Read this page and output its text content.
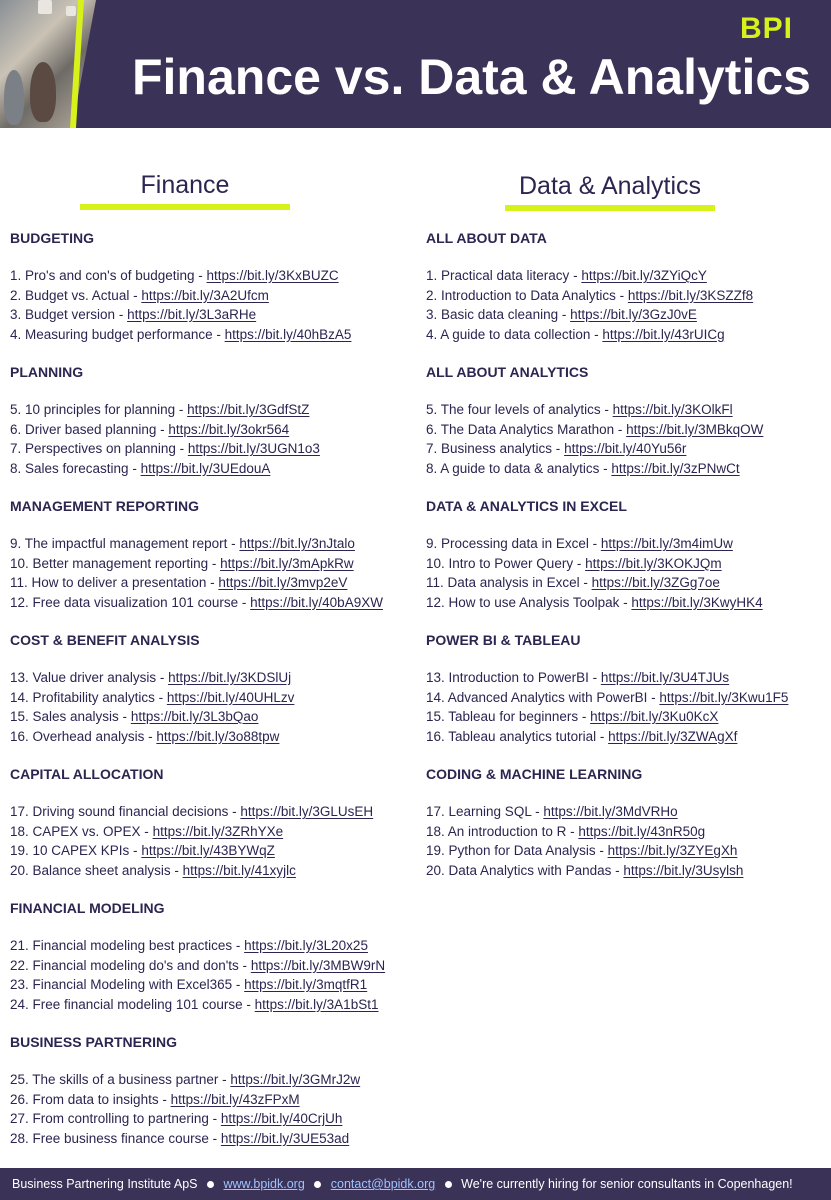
BPI
Finance vs. Data & Analytics
Finance	Data & Analytics
BUDGETING
1. Pro's and con's of budgeting - https://bit.ly/3KxBUZC
2. Budget vs. Actual - https://bit.ly/3A2Ufcm
3. Budget version - https://bit.ly/3L3aRHe
4. Measuring budget performance - https://bit.ly/40hBzA5
PLANNING
5. 10 principles for planning - https://bit.ly/3GdfStZ
6. Driver based planning - https://bit.ly/3okr564
7. Perspectives on planning - https://bit.ly/3UGN1o3
8. Sales forecasting - https://bit.ly/3UEdouA
MANAGEMENT REPORTING
9. The impactful management report - https://bit.ly/3nJtalo
10. Better management reporting - https://bit.ly/3mApkRw
11. How to deliver a presentation - https://bit.ly/3mvp2eV
12. Free data visualization 101 course - https://bit.ly/40bA9XW
COST & BENEFIT ANALYSIS
13. Value driver analysis - https://bit.ly/3KDSlUj
14. Profitability analytics - https://bit.ly/40UHLzv
15. Sales analysis - https://bit.ly/3L3bQao
16. Overhead analysis - https://bit.ly/3o88tpw
CAPITAL ALLOCATION
17. Driving sound financial decisions - https://bit.ly/3GLUsEH
18. CAPEX vs. OPEX - https://bit.ly/3ZRhYXe
19. 10 CAPEX KPIs - https://bit.ly/43BYWqZ
20. Balance sheet analysis - https://bit.ly/41xyjlc
FINANCIAL MODELING
21. Financial modeling best practices - https://bit.ly/3L20x25
22. Financial modeling do's and don'ts - https://bit.ly/3MBW9rN
23. Financial Modeling with Excel365 - https://bit.ly/3mqtfR1
24. Free financial modeling 101 course - https://bit.ly/3A1bSt1
BUSINESS PARTNERING
25. The skills of a business partner - https://bit.ly/3GMrJ2w
26. From data to insights - https://bit.ly/43zFPxM
27. From controlling to partnering - https://bit.ly/40CrjUh
28. Free business finance course - https://bit.ly/3UE53ad
ALL ABOUT DATA
1. Practical data literacy - https://bit.ly/3ZYiQcY
2. Introduction to Data Analytics - https://bit.ly/3KSZZf8
3. Basic data cleaning - https://bit.ly/3GzJ0vE
4. A guide to data collection - https://bit.ly/43rUICg
ALL ABOUT ANALYTICS
5. The four levels of analytics - https://bit.ly/3KOlkFl
6. The Data Analytics Marathon - https://bit.ly/3MBkqOW
7. Business analytics - https://bit.ly/40Yu56r
8. A guide to data & analytics - https://bit.ly/3zPNwCt
DATA & ANALYTICS IN EXCEL
9. Processing data in Excel - https://bit.ly/3m4imUw
10. Intro to Power Query - https://bit.ly/3KOKJQm
11. Data analysis in Excel - https://bit.ly/3ZGg7oe
12. How to use Analysis Toolpak - https://bit.ly/3KwyHK4
POWER BI & TABLEAU
13. Introduction to PowerBI - https://bit.ly/3U4TJUs
14. Advanced Analytics with PowerBI - https://bit.ly/3Kwu1F5
15. Tableau for beginners - https://bit.ly/3Ku0KcX
16. Tableau analytics tutorial - https://bit.ly/3ZWAgXf
CODING & MACHINE LEARNING
17. Learning SQL - https://bit.ly/3MdVRHo
18. An introduction to R - https://bit.ly/43nR50g
19. Python for Data Analysis - https://bit.ly/3ZYEgXh
20. Data Analytics with Pandas - https://bit.ly/3Usylsh
Business Partnering Institute ApS www.bpidk.org contact@bpidk.org We're currently hiring for senior consultants in Copenhagen!
